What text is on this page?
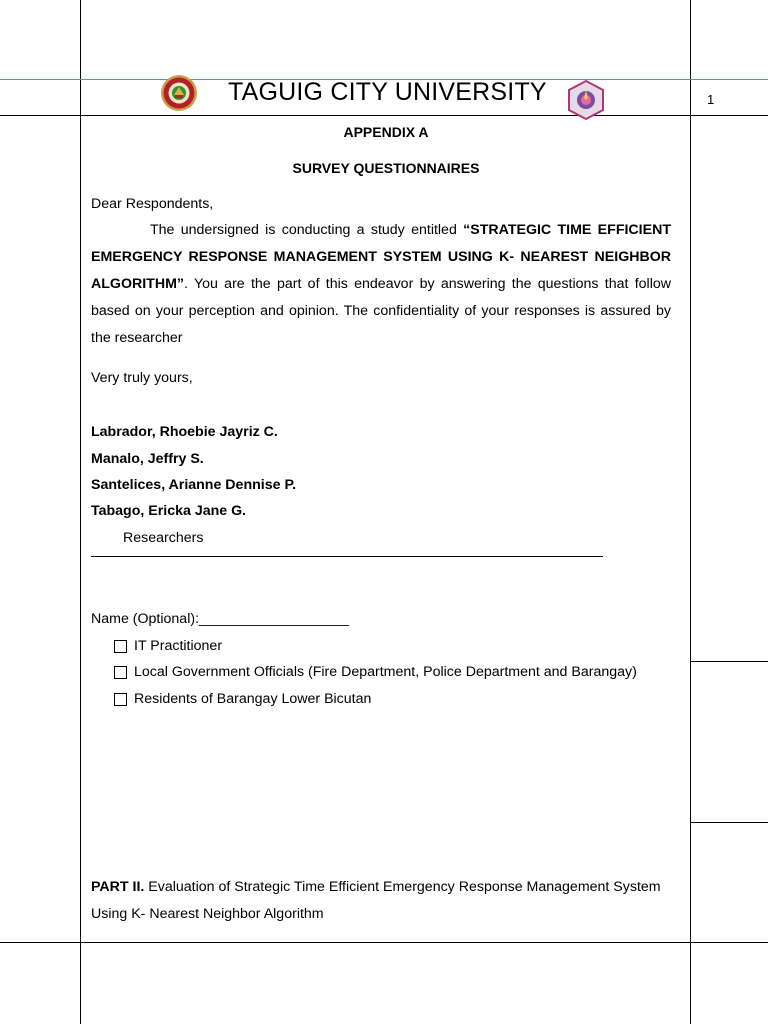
TAGUIG CITY UNIVERSITY	1
APPENDIX A
SURVEY QUESTIONNAIRES
Dear Respondents,
The undersigned is conducting a study entitled “STRATEGIC TIME EFFICIENT EMERGENCY RESPONSE MANAGEMENT SYSTEM USING K- NEAREST NEIGHBOR ALGORITHM”. You are the part of this endeavor by answering the questions that follow based on your perception and opinion. The confidentiality of your responses is assured by the researcher
Very truly yours,
Labrador, Rhoebie Jayriz C.
Manalo, Jeffry S.
Santelices, Arianne Dennise P.
Tabago, Ericka Jane G.
Researchers
Name (Optional):___________________
IT Practitioner
Local Government Officials (Fire Department, Police Department and Barangay)
Residents of Barangay Lower Bicutan
PART II. Evaluation of Strategic Time Efficient Emergency Response Management System Using K- Nearest Neighbor Algorithm
